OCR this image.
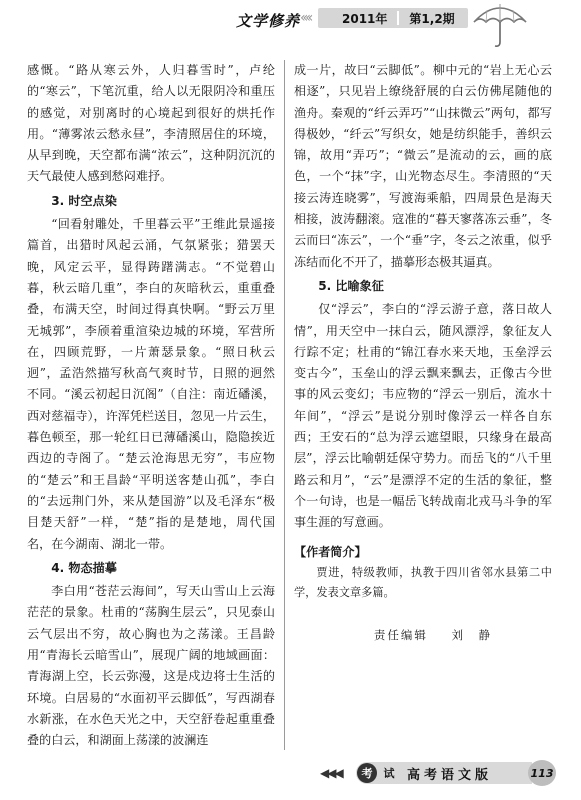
文学修养 ‹‹‹‹	2011年 第1,2期

感慨。“路从寒云外，人归暮雪时”，卢纶的“寒云”，下笔沉重，给人以无限阴冷和重压的感觉，对别离时的心境起到很好的烘托作用。“薄雾浓云愁永昼”，李清照居住的环境，从早到晚，天空都布满“浓云”，这种阴沉沉的天气最使人感到愁闷难抒。

3. 时空点染

“回看射雕处，千里暮云平”王维此景遥接篇首，出猎时风起云涌，气氛紧张；猎罢天晚，风定云平，显得踌躇满志。“不觉碧山暮，秋云暗几重”，李白的灰暗秋云，重重叠叠，布满天空，时间过得真快啊。“野云万里无城郭”，李颀着重渲染边城的环境，军营所在，四顾荒野，一片萧瑟景象。“照日秋云迥”，孟浩然描写秋高气爽时节，日照的迥然不同。“溪云初起日沉阁”（自注：南近磻溪，西对慈福寺），许浑凭栏送目，忽见一片云生，暮色顿至，那一轮红日已薄磻溪山，隐隐挨近西边的寺阁了。“楚云沧海思无穷”，韦应物的“楚云”和王昌龄“平明送客楚山孤”，李白的“去远荆门外，来从楚国游”以及毛泽东“极目楚天舒”一样，“楚”指的是楚地，周代国名，在今湖南、湖北一带。

4. 物态描摹

李白用“苍茫云海间”，写天山雪山上云海茫茫的景象。杜甫的“荡胸生层云”，只见泰山云气层出不穷，故心胸也为之荡漾。王昌龄用“青海长云暗雪山”，展现广阔的地域画面：青海湖上空，长云弥漫，这是戍边将士生活的环境。白居易的“水面初平云脚低”，写西湖春水新涨，在水色天光之中，天空舒卷起重重叠叠的白云，和湖面上荡漾的波澜连

成一片，故曰“云脚低”。柳中元的“岩上无心云相逐”，只见岩上缭绕舒展的白云仿佛尾随他的渔舟。秦观的“纤云弄巧”“山抹微云”两句，都写得极妙，“纤云”写织女，她是纺织能手，善织云锦，故用“弄巧”；“微云”是流动的云，画的底色，一个“抹”字，山光物态尽生。李清照的“天接云涛连晓雾”，写渡海乘船，四周景色是海天相接，波涛翻滚。寇准的“暮天寥落冻云垂”，冬云而曰“冻云”，一个“垂”字，冬云之浓重，似乎冻结而化不开了，描摹形态极其逼真。

5. 比喻象征

仅“浮云”，李白的“浮云游子意，落日故人情”，用天空中一抹白云，随风漂浮，象征友人行踪不定；杜甫的“锦江春水来天地，玉垒浮云变古今”，玉垒山的浮云飘来飘去，正像古今世事的风云变幻；韦应物的“浮云一别后，流水十年间”，“浮云”是说分别时像浮云一样各自东西；王安石的“总为浮云遮望眼，只缘身在最高层”，浮云比喻朝廷保守势力。而岳飞的“八千里路云和月”，“云”是漂浮不定的生活的象征，整个一句诗，也是一幅岳飞转战南北戎马斗争的军事生涯的写意画。

【作者简介】

贾进，特级教师，执教于四川省邻水县第二中学，发表文章多篇。

责任编辑 刘　静
◀◀◀	考	试 高考语文版	113
